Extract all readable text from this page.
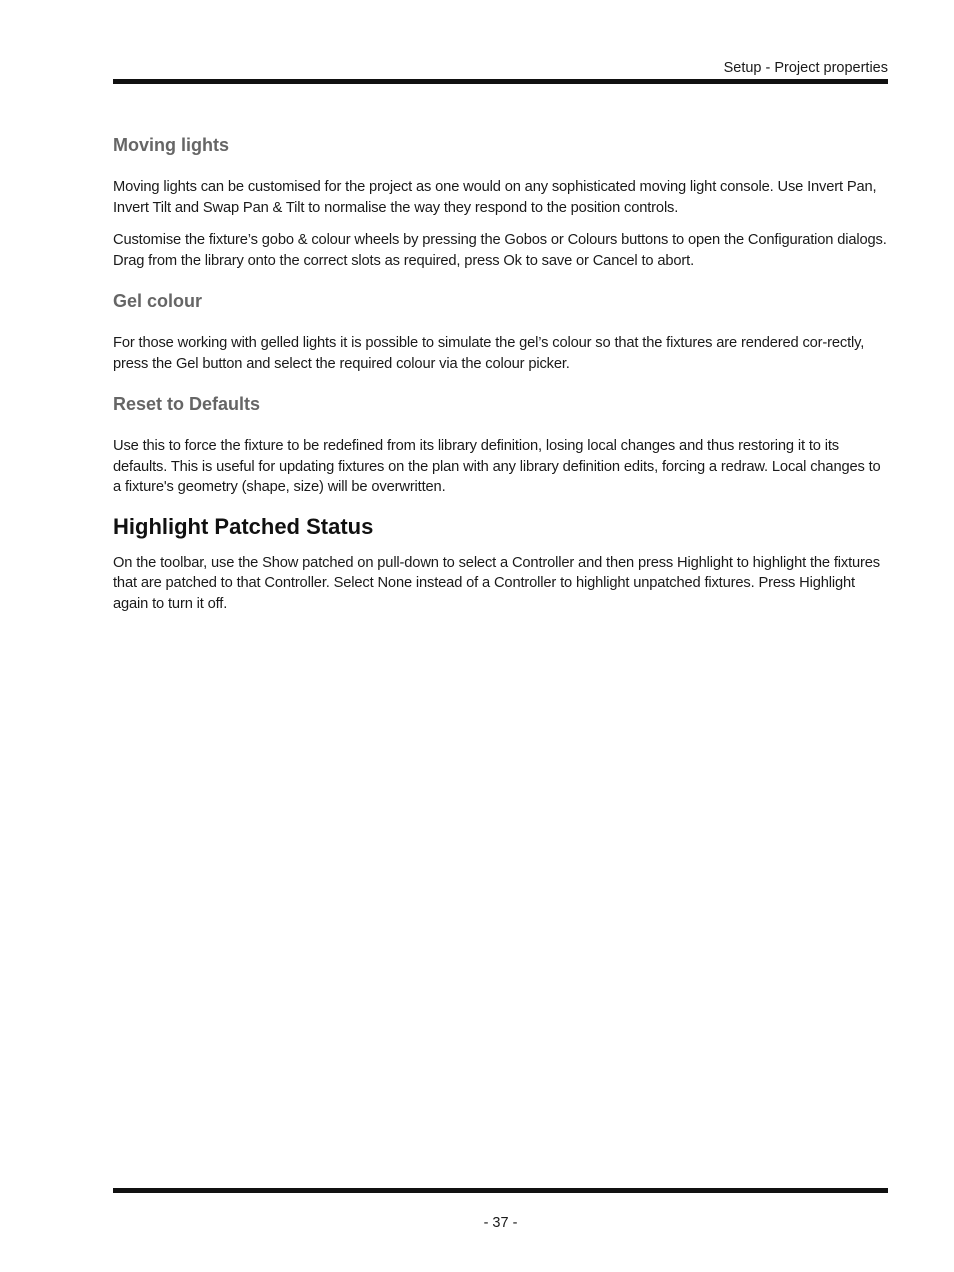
Setup - Project properties
Moving lights

Moving lights can be customised for the project as one would on any sophisticated moving light console. Use Invert Pan, Invert Tilt and Swap Pan & Tilt to normalise the way they respond to the position controls.

Customise the fixture’s gobo & colour wheels by pressing the Gobos or Colours buttons to open the Configuration dialogs. Drag from the library onto the correct slots as required, press Ok to save or Cancel to abort.

Gel colour

For those working with gelled lights it is possible to simulate the gel’s colour so that the fixtures are rendered cor-rectly, press the Gel button and select the required colour via the colour picker.

Reset to Defaults

Use this to force the fixture to be redefined from its library definition, losing local changes and thus restoring it to its defaults. This is useful for updating fixtures on the plan with any library definition edits, forcing a redraw. Local changes to a fixture's geometry (shape, size) will be overwritten.

Highlight Patched Status

On the toolbar, use the Show patched on pull-down to select a Controller and then press Highlight to highlight the fixtures that are patched to that Controller. Select None instead of a Controller to highlight unpatched fixtures. Press Highlight again to turn it off.

- 37 -
